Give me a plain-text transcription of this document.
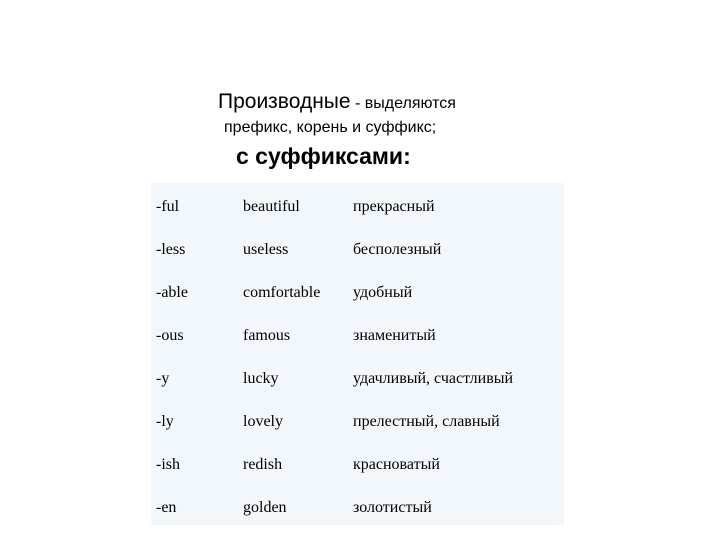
Производные - выделяются
префикс, корень и суффикс;
с суффиксами:
-ful	beautiful	прекрасный
-less	useless	бесполезный
-able	comfortable удобный
-ous	famous	знаменитый
-y	lucky	удачливый, счастливый
-ly	lovely	прелестный, славный
-ish	redish	красноватый
-en	golden	золотистый
